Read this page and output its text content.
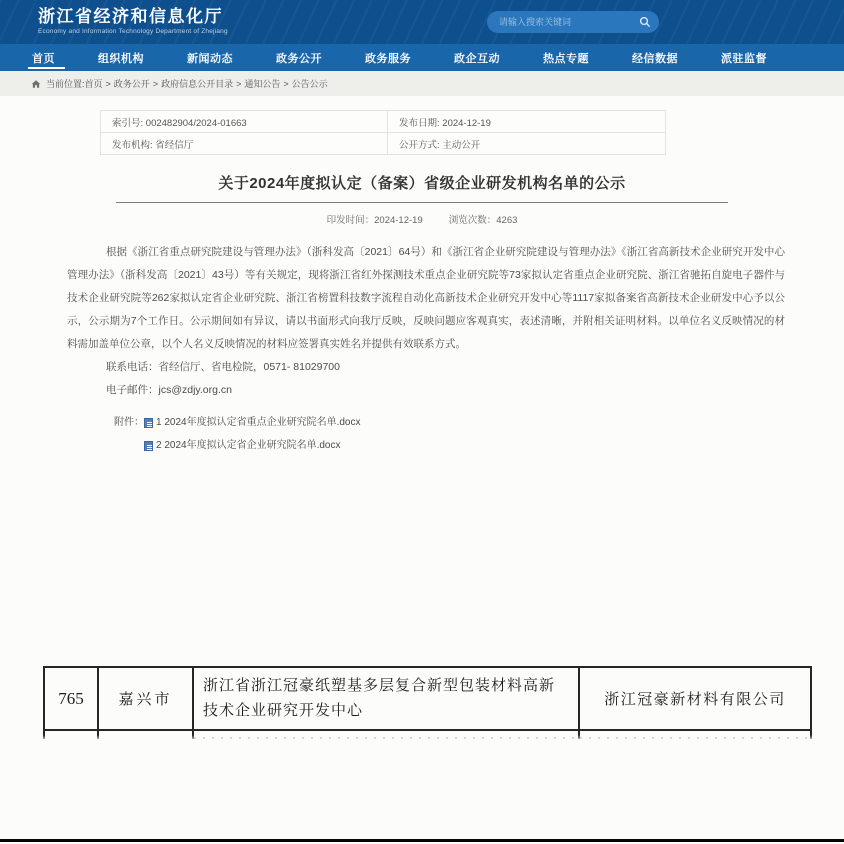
浙江省经济和信息化厅
Economy and Information Technology Department of Zhejiang
请输入搜索关键词
首页	组织机构	新闻动态	政务公开	政务服务	政企互动	热点专题	经信数据	派驻监督
当前位置: 首页 > 政务公开 > 政府信息公开目录 > 通知公告 > 公告公示
索引号: 002482904/2024-01663	发布日期: 2024-12-19
发布机构: 省经信厅	公开方式: 主动公开
关于2024年度拟认定（备案）省级企业研发机构名单的公示
印发时间：2024-12-19	浏览次数：4263

根据《浙江省重点研究院建设与管理办法》（浙科发高〔2021〕64号）和《浙江省企业研究院建设与管理办法》《浙江省高新技术企业研究开发中心管理办法》（浙科发高〔2021〕43号）等有关规定，现将浙江省红外探测技术重点企业研究院等73家拟认定省重点企业研究院、浙江省驰拓自旋电子器件与技术企业研究院等262家拟认定省企业研究院、浙江省榜置科技数字流程自动化高新技术企业研究开发中心等1117家拟备案省高新技术企业研发中心予以公示，公示期为7个工作日。公示期间如有异议，请以书面形式向我厅反映，反映问题应客观真实，表述清晰，并附相关证明材料。以单位名义反映情况的材料需加盖单位公章，以个人名义反映情况的材料应签署真实姓名并提供有效联系方式。

联系电话：省经信厅、省电检院，0571- 81029700
电子邮件：jcs@zdjy.org.cn
附件： 1 2024年度拟认定省重点企业研究院名单.docx
2 2024年度拟认定省企业研究院名单.docx
765	嘉兴市	浙江省浙江冠豪纸塑基多层复合新型包装材料高新技术企业研究开发中心	浙江冠豪新材料有限公司
